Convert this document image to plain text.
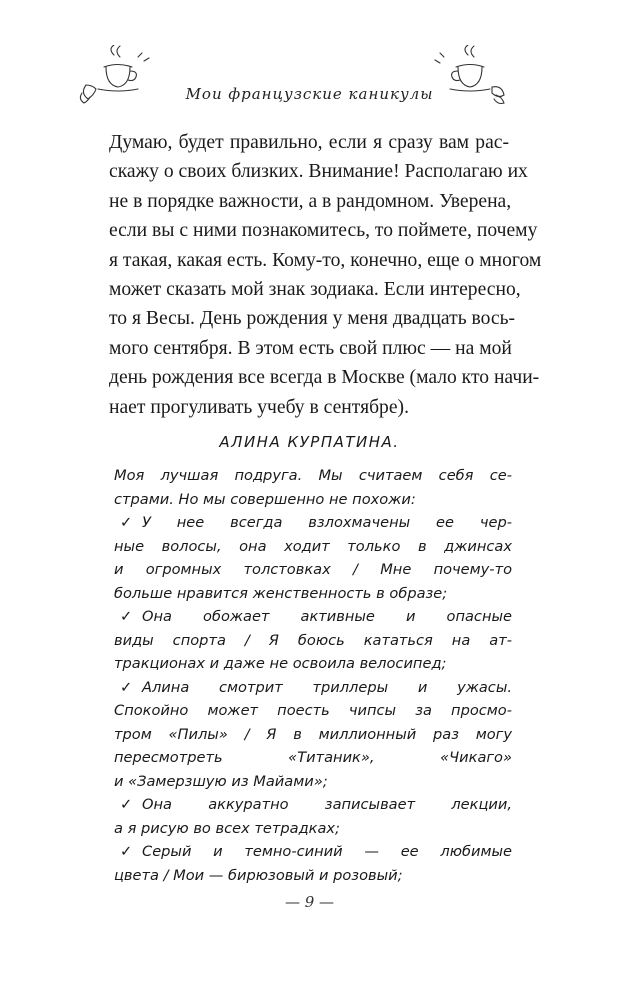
Мои французские каникулы
Думаю, будет правильно, если я сразу вам рас-
скажу о своих близких. Внимание! Располагаю их
не в порядке важности, а в рандомном. Уверена,
если вы с ними познакомитесь, то поймете, почему
я такая, какая есть. Кому-то, конечно, еще о многом
может сказать мой знак зодиака. Если интересно,
то я Весы. День рождения у меня двадцать вось-
мого сентября. В этом есть свой плюс — на мой
день рождения все всегда в Москве (мало кто начи-
нает прогуливать учебу в сентябре).
АЛИНА КУРПАТИНА.
Моя лучшая подруга. Мы считаем себя се-
страми. Но мы совершенно не похожи:
✓ У нее всегда взлохмачены ее чер-
ные волосы, она ходит только в джинсах
и огромных толстовках / Мне почему-то
больше нравится женственность в образе;
✓ Она обожает активные и опасные
виды спорта / Я боюсь кататься на ат-
тракционах и даже не освоила велосипед;
✓ Алина смотрит триллеры и ужасы.
Спокойно может поесть чипсы за просмо-
тром «Пилы» / Я в миллионный раз могу
пересмотреть «Титаник», «Чикаго»
и «Замерзшую из Майами»;
✓ Она аккуратно записывает лекции,
а я рисую во всех тетрадках;
✓ Серый и темно-синий — ее любимые
цвета / Мои — бирюзовый и розовый;
— 9 —
